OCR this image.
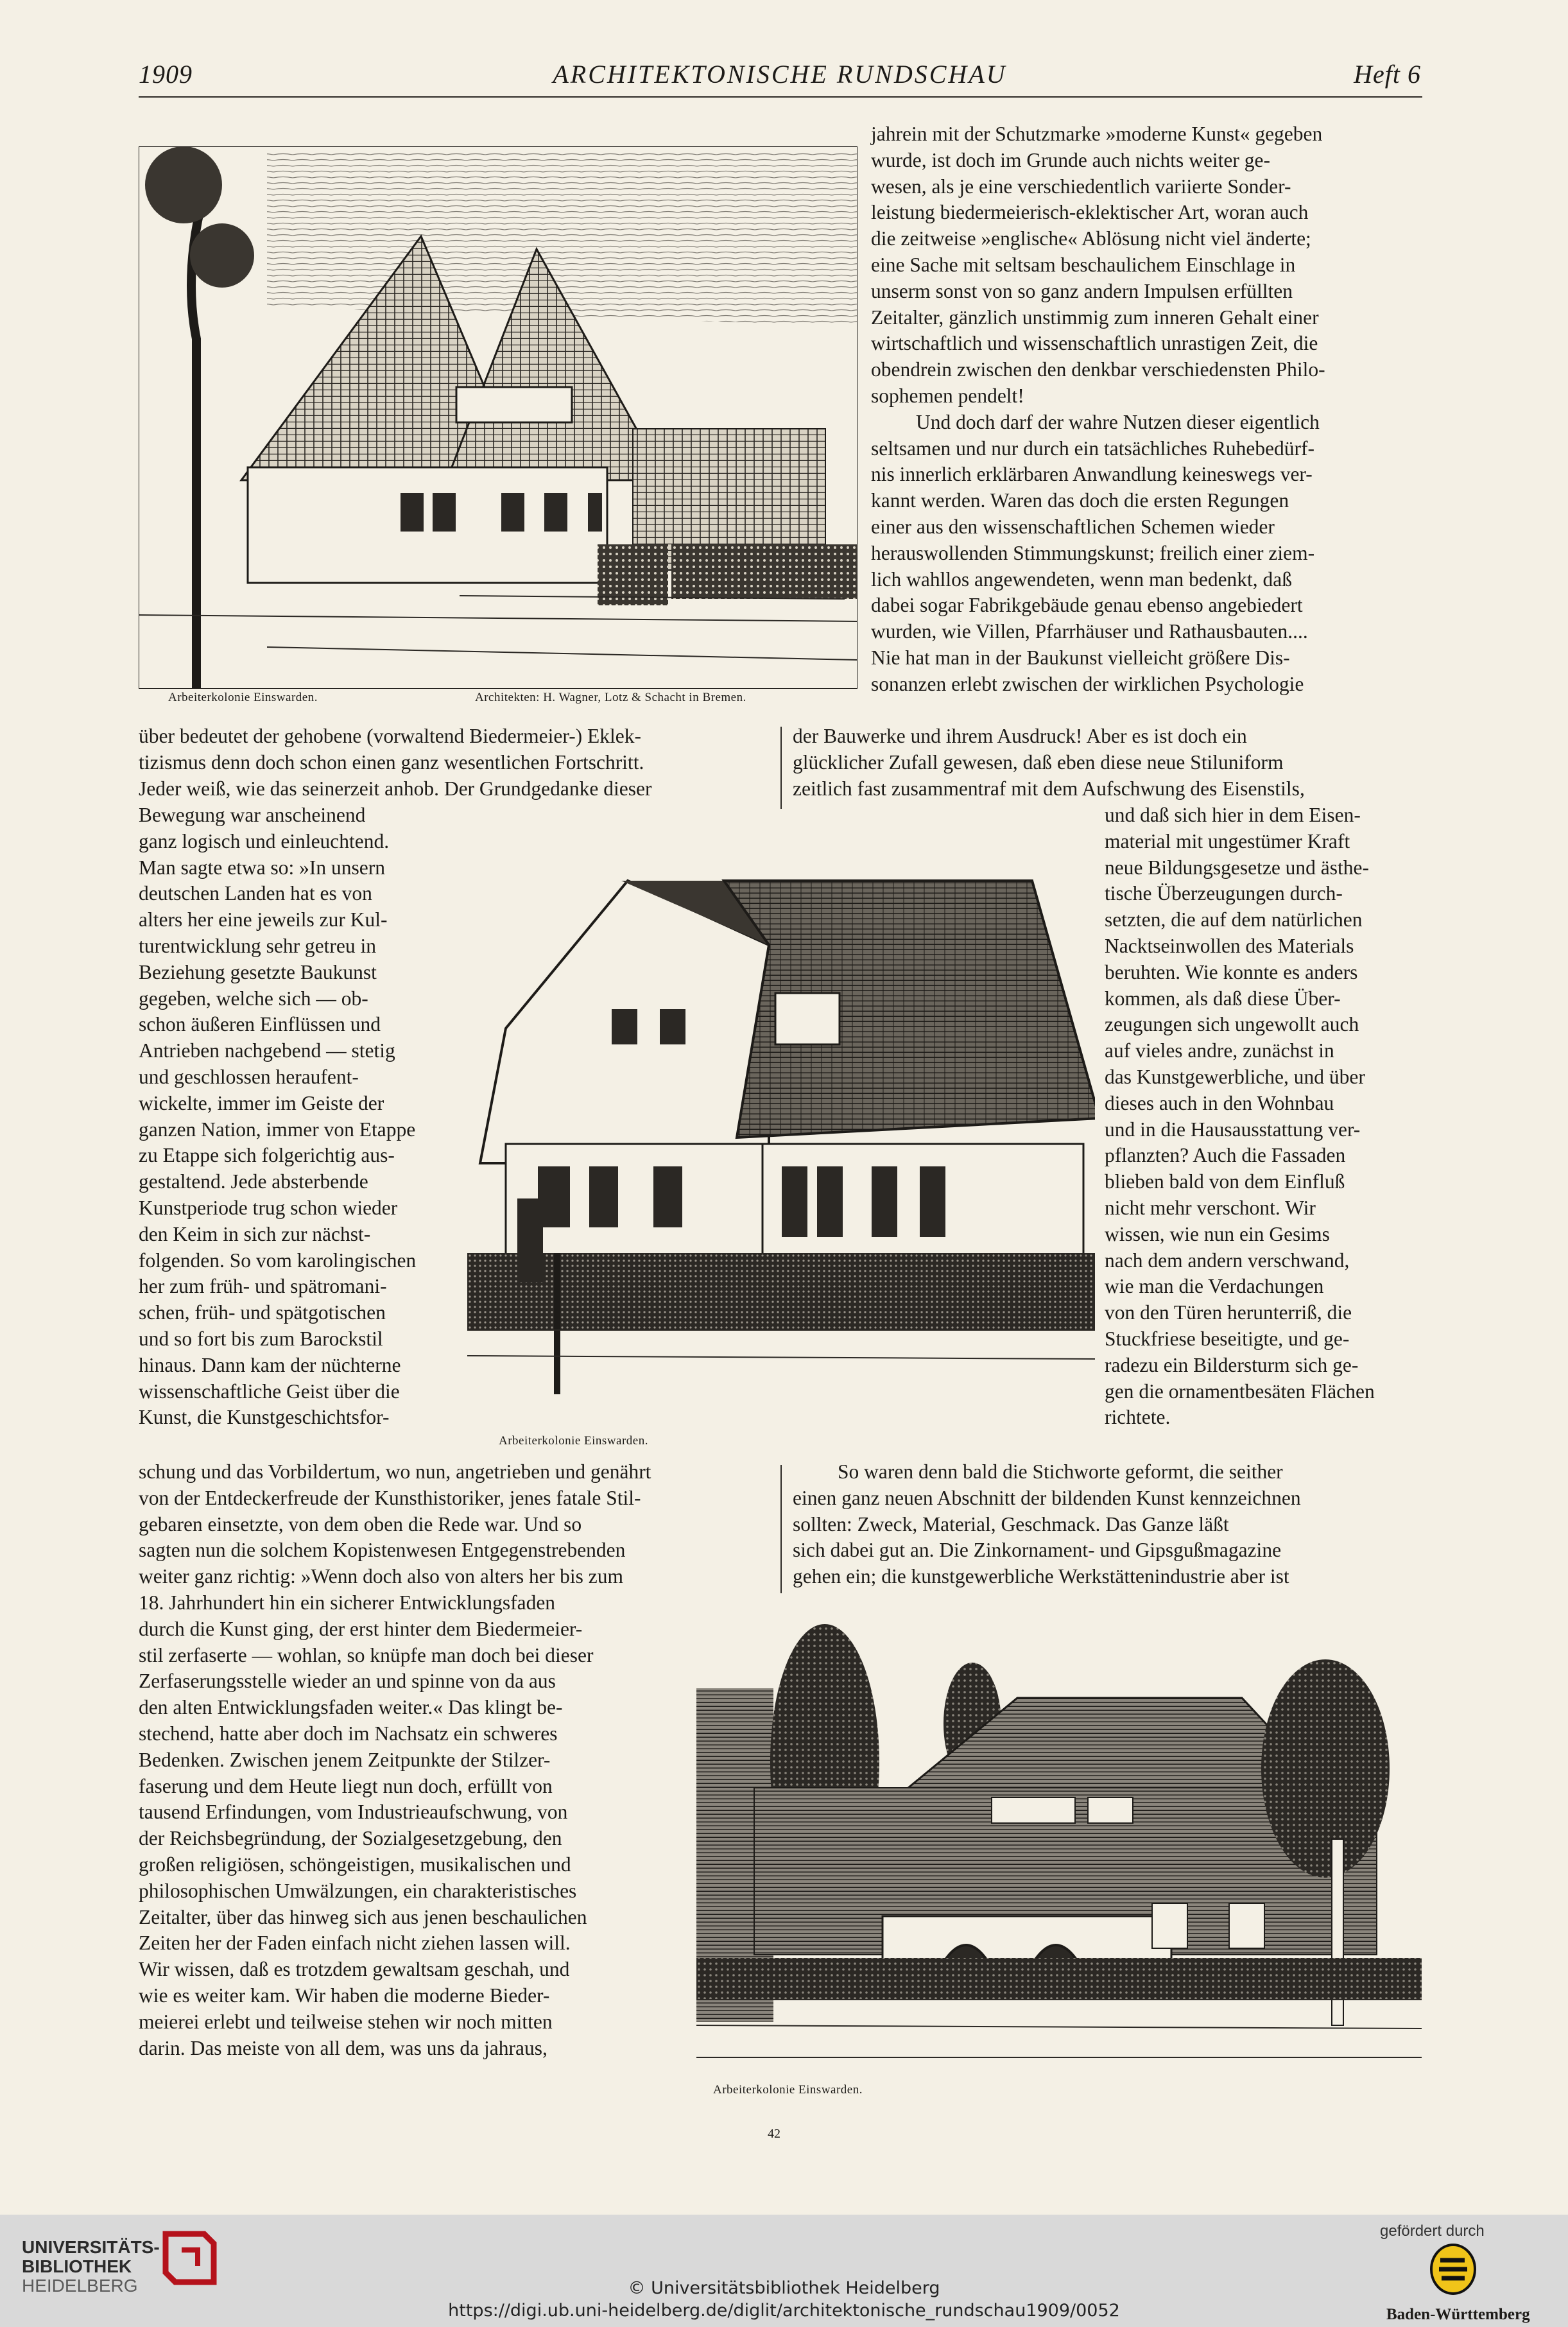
1909	ARCHITEKTONISCHE RUNDSCHAU	Heft 6
Arbeiterkolonie Einswarden.	Architekten: H. Wagner, Lotz & Schacht in Bremen.
jahrein mit der Schutzmarke »moderne Kunst« gegeben
wurde, ist doch im Grunde auch nichts weiter ge-
wesen, als je eine verschiedentlich variierte Sonder-
leistung biedermeierisch-eklektischer Art, woran auch
die zeitweise »englische« Ablösung nicht viel änderte;
eine Sache mit seltsam beschaulichem Einschlage in
unserm sonst von so ganz andern Impulsen erfüllten
Zeitalter, gänzlich unstimmig zum inneren Gehalt einer
wirtschaftlich und wissenschaftlich unrastigen Zeit, die
obendrein zwischen den denkbar verschiedensten Philo-
sophemen pendelt!
Und doch darf der wahre Nutzen dieser eigentlich
seltsamen und nur durch ein tatsächliches Ruhebedürf-
nis innerlich erklärbaren Anwandlung keineswegs ver-
kannt werden. Waren das doch die ersten Regungen
einer aus den wissenschaftlichen Schemen wieder
herauswollenden Stimmungskunst; freilich einer ziem-
lich wahllos angewendeten, wenn man bedenkt, daß
dabei sogar Fabrikgebäude genau ebenso angebiedert
wurden, wie Villen, Pfarrhäuser und Rathausbauten....
Nie hat man in der Baukunst vielleicht größere Dis-
sonanzen erlebt zwischen der wirklichen Psychologie
über bedeutet der gehobene (vorwaltend Biedermeier-) Eklek-
tizismus denn doch schon einen ganz wesentlichen Fortschritt.
Jeder weiß, wie das seinerzeit anhob. Der Grundgedanke dieser
der Bauwerke und ihrem Ausdruck! Aber es ist doch ein
glücklicher Zufall gewesen, daß eben diese neue Stiluniform
zeitlich fast zusammentraf mit dem Aufschwung des Eisenstils,
Bewegung war anscheinend
ganz logisch und einleuchtend.
Man sagte etwa so: »In unsern
deutschen Landen hat es von
alters her eine jeweils zur Kul-
turentwicklung sehr getreu in
Beziehung gesetzte Baukunst
gegeben, welche sich — ob-
schon äußeren Einflüssen und
Antrieben nachgebend — stetig
und geschlossen heraufent-
wickelte, immer im Geiste der
ganzen Nation, immer von Etappe
zu Etappe sich folgerichtig aus-
gestaltend. Jede absterbende
Kunstperiode trug schon wieder
den Keim in sich zur nächst-
folgenden. So vom karolingischen
her zum früh- und spätromani-
schen, früh- und spätgotischen
und so fort bis zum Barockstil
hinaus. Dann kam der nüchterne
wissenschaftliche Geist über die
Kunst, die Kunstgeschichtsfor-
Arbeiterkolonie Einswarden.
und daß sich hier in dem Eisen-
material mit ungestümer Kraft
neue Bildungsgesetze und ästhe-
tische Überzeugungen durch-
setzten, die auf dem natürlichen
Nacktseinwollen des Materials
beruhten. Wie konnte es anders
kommen, als daß diese Über-
zeugungen sich ungewollt auch
auf vieles andre, zunächst in
das Kunstgewerbliche, und über
dieses auch in den Wohnbau
und in die Hausausstattung ver-
pflanzten? Auch die Fassaden
blieben bald von dem Einfluß
nicht mehr verschont. Wir
wissen, wie nun ein Gesims
nach dem andern verschwand,
wie man die Verdachungen
von den Türen herunterriß, die
Stuckfriese beseitigte, und ge-
radezu ein Bildersturm sich ge-
gen die ornamentbesäten Flächen
richtete.
schung und das Vorbildertum, wo nun, angetrieben und genährt
von der Entdeckerfreude der Kunsthistoriker, jenes fatale Stil-
gebaren einsetzte, von dem oben die Rede war. Und so
sagten nun die solchem Kopistenwesen Entgegenstrebenden
weiter ganz richtig: »Wenn doch also von alters her bis zum
So waren denn bald die Stichworte geformt, die seither
einen ganz neuen Abschnitt der bildenden Kunst kennzeichnen
sollten: Zweck, Material, Geschmack. Das Ganze läßt
sich dabei gut an. Die Zinkornament- und Gipsgußmagazine
gehen ein; die kunstgewerbliche Werkstättenindustrie aber ist
18. Jahrhundert hin ein sicherer Entwicklungsfaden
durch die Kunst ging, der erst hinter dem Biedermeier-
stil zerfaserte — wohlan, so knüpfe man doch bei dieser
Zerfaserungsstelle wieder an und spinne von da aus
den alten Entwicklungsfaden weiter.« Das klingt be-
stechend, hatte aber doch im Nachsatz ein schweres
Bedenken. Zwischen jenem Zeitpunkte der Stilzer-
faserung und dem Heute liegt nun doch, erfüllt von
tausend Erfindungen, vom Industrieaufschwung, von
der Reichsbegründung, der Sozialgesetzgebung, den
großen religiösen, schöngeistigen, musikalischen und
philosophischen Umwälzungen, ein charakteristisches
Zeitalter, über das hinweg sich aus jenen beschaulichen
Zeiten her der Faden einfach nicht ziehen lassen will.
Wir wissen, daß es trotzdem gewaltsam geschah, und
wie es weiter kam. Wir haben die moderne Bieder-
meierei erlebt und teilweise stehen wir noch mitten
darin. Das meiste von all dem, was uns da jahraus,
Arbeiterkolonie Einswarden.
42
UNIVERSITÄTS-
BIBLIOTHEK
HEIDELBERG	© Universitätsbibliothek Heidelberg
https://digi.ub.uni-heidelberg.de/diglit/architektonische_rundschau1909/0052
gefördert durch
Baden-Württemberg
